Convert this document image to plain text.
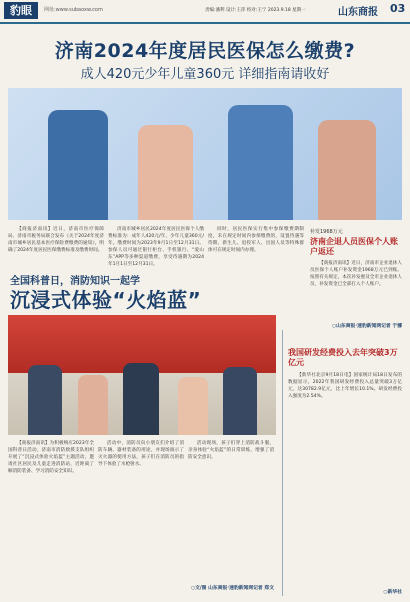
豹眼	网址:www.subaoxw.com	责编:潘利 设计:王萍 校对:王宁 2023.9.18 星期一	山东商报 03
济南2024年度居民医保怎么缴费?
成人420元少年儿童360元 详细指南请收好

【商报济南讯】近日，济南市医疗保障局、济南市税务局联合发布《关于2024年度济南市城乡居民基本医疗保险费缴费的通知》，明确了2024年度居民医保缴费标准及缴费时间。

济南市城乡居民2024年度居民医保个人缴费标准为：成年人420元/年、少年儿童360元/年。缴费时间为2023年9月1日至12月31日。参保人员可通过银行柜台、手机银行、“爱山东”APP等多种渠道缴费，享受待遇期为2024年1月1日至12月31日。

同时，居民医保实行集中参保缴费期制度，未在规定时间内参保缴费的，设置待遇等待期。新生儿、退役军人、出国人员等特殊群体可在规定时间内办理。

补发1968万元
济南企退人员医保个人账户返还

【商报济南讯】近日，济南市企业退休人员医保个人账户补发资金1968万元已到账。按照有关规定，本次补发惠及全市企业退休人员，补发资金已全部打入个人账户。

○山东商报·速豹新闻网记者 于娜
全国科普日，消防知识一起学
沉浸式体验“火焰蓝”

【商报济南讯】为积极响应2023年全国科普日活动，济南市消防救援支队组织开展了“沉浸式体验火焰蓝”主题活动，邀请社区居民及儿童走进消防站，近距离了解消防装备、学习消防安全知识。

活动中，消防员向小朋友们介绍了消防车辆、器材装备的用途，并现场演示了灭火器的使用方法，孩子们在消防员的指导下体验了水枪射水。

活动现场，孩子们穿上消防战斗服，亲身体验“火焰蓝”的日常训练，增强了消防安全意识。

○文/图 山东商报·速豹新闻网记者 郑文
我国研发经费投入去年突破3万亿元

【新华社北京9月18日电】国家统计局18日发布的数据显示，2022年我国研发经费投入总量突破3万亿元，达30782.9亿元，比上年增长10.1%。研发经费投入强度为2.54%。

○新华社
